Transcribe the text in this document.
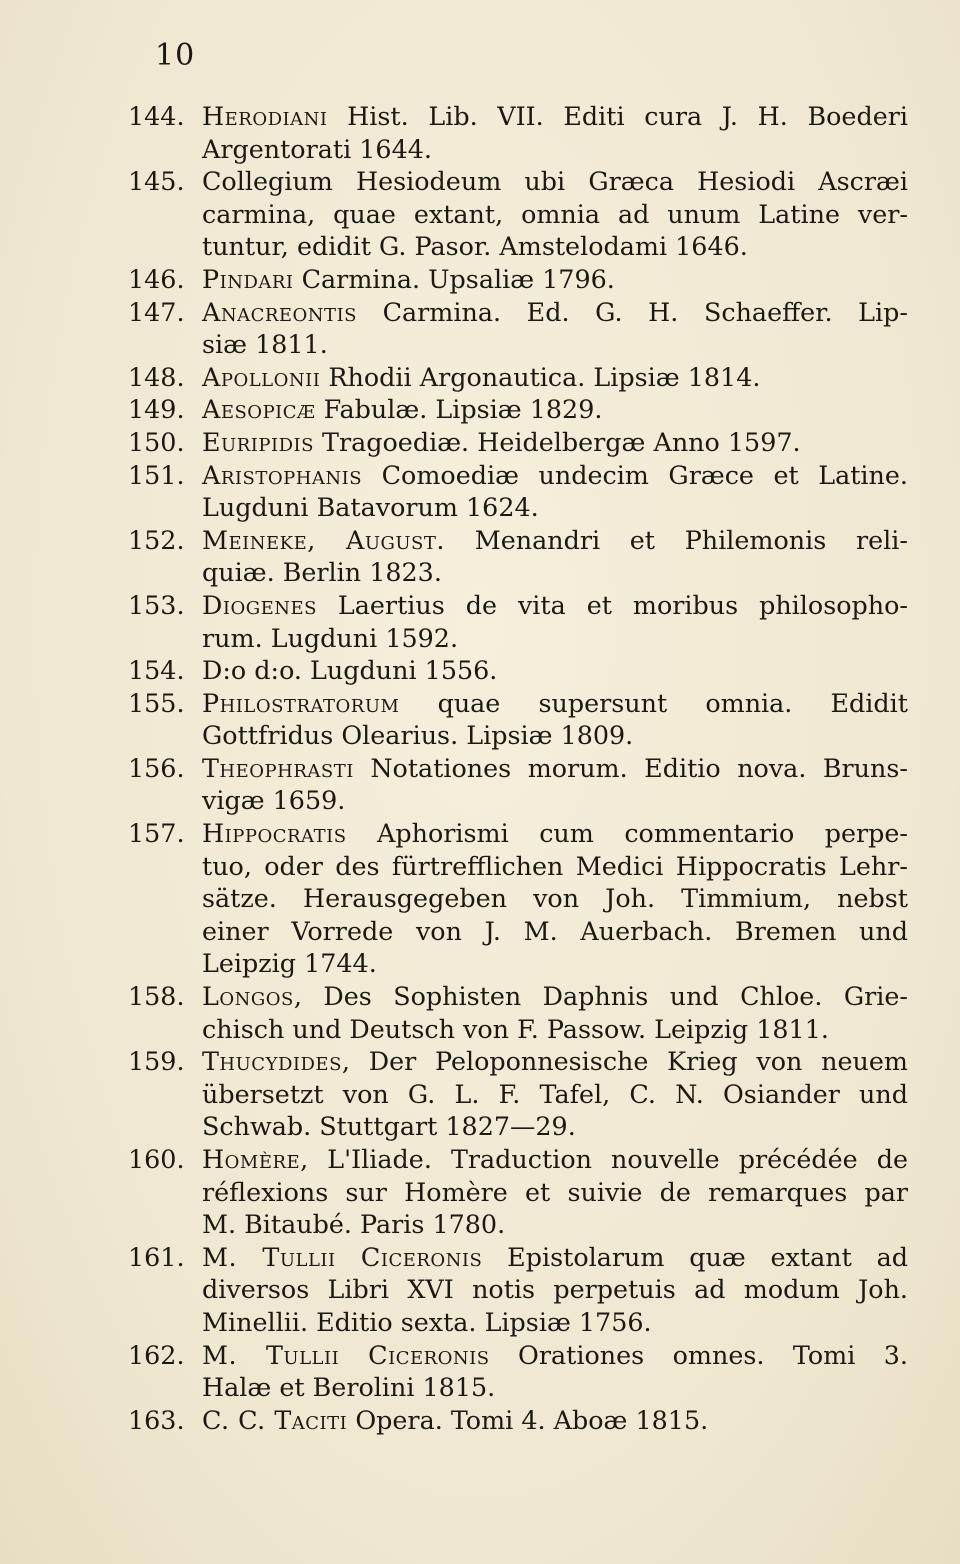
10
144. Herodiani Hist. Lib. VII. Editi cura J. H. Boederi
Argentorati 1644.
145. Collegium Hesiodeum ubi Græca Hesiodi Ascræi
carmina, quae extant, omnia ad unum Latine ver-
tuntur, edidit G. Pasor. Amstelodami 1646.
146. Pindari Carmina. Upsaliæ 1796.
147. Anacreontis Carmina. Ed. G. H. Schaeffer. Lip-
siæ 1811.
148. Apollonii Rhodii Argonautica. Lipsiæ 1814.
149. Aesopicæ Fabulæ. Lipsiæ 1829.
150. Euripidis Tragoediæ. Heidelbergæ Anno 1597.
151. Aristophanis Comoediæ undecim Græce et Latine.
Lugduni Batavorum 1624.
152. Meineke, August. Menandri et Philemonis reli-
quiæ. Berlin 1823.
153. Diogenes Laertius de vita et moribus philosopho-
rum. Lugduni 1592.
154. D:o d:o. Lugduni 1556.
155. Philostratorum quae supersunt omnia. Edidit
Gottfridus Olearius. Lipsiæ 1809.
156. Theophrasti Notationes morum. Editio nova. Bruns-
vigæ 1659.
157. Hippocratis Aphorismi cum commentario perpe-
tuo, oder des fürtrefflichen Medici Hippocratis Lehr-
sätze. Herausgegeben von Joh. Timmium, nebst
einer Vorrede von J. M. Auerbach. Bremen und
Leipzig 1744.
158. Longos, Des Sophisten Daphnis und Chloe. Grie-
chisch und Deutsch von F. Passow. Leipzig 1811.
159. Thucydides, Der Peloponnesische Krieg von neuem
übersetzt von G. L. F. Tafel, C. N. Osiander und
Schwab. Stuttgart 1827—29.
160. Homère, L'Iliade. Traduction nouvelle précédée de
réflexions sur Homère et suivie de remarques par
M. Bitaubé. Paris 1780.
161. M. Tullii Ciceronis Epistolarum quæ extant ad
diversos Libri XVI notis perpetuis ad modum Joh.
Minellii. Editio sexta. Lipsiæ 1756.
162. M. Tullii Ciceronis Orationes omnes. Tomi 3.
Halæ et Berolini 1815.
163. C. C. Taciti Opera. Tomi 4. Aboæ 1815.
